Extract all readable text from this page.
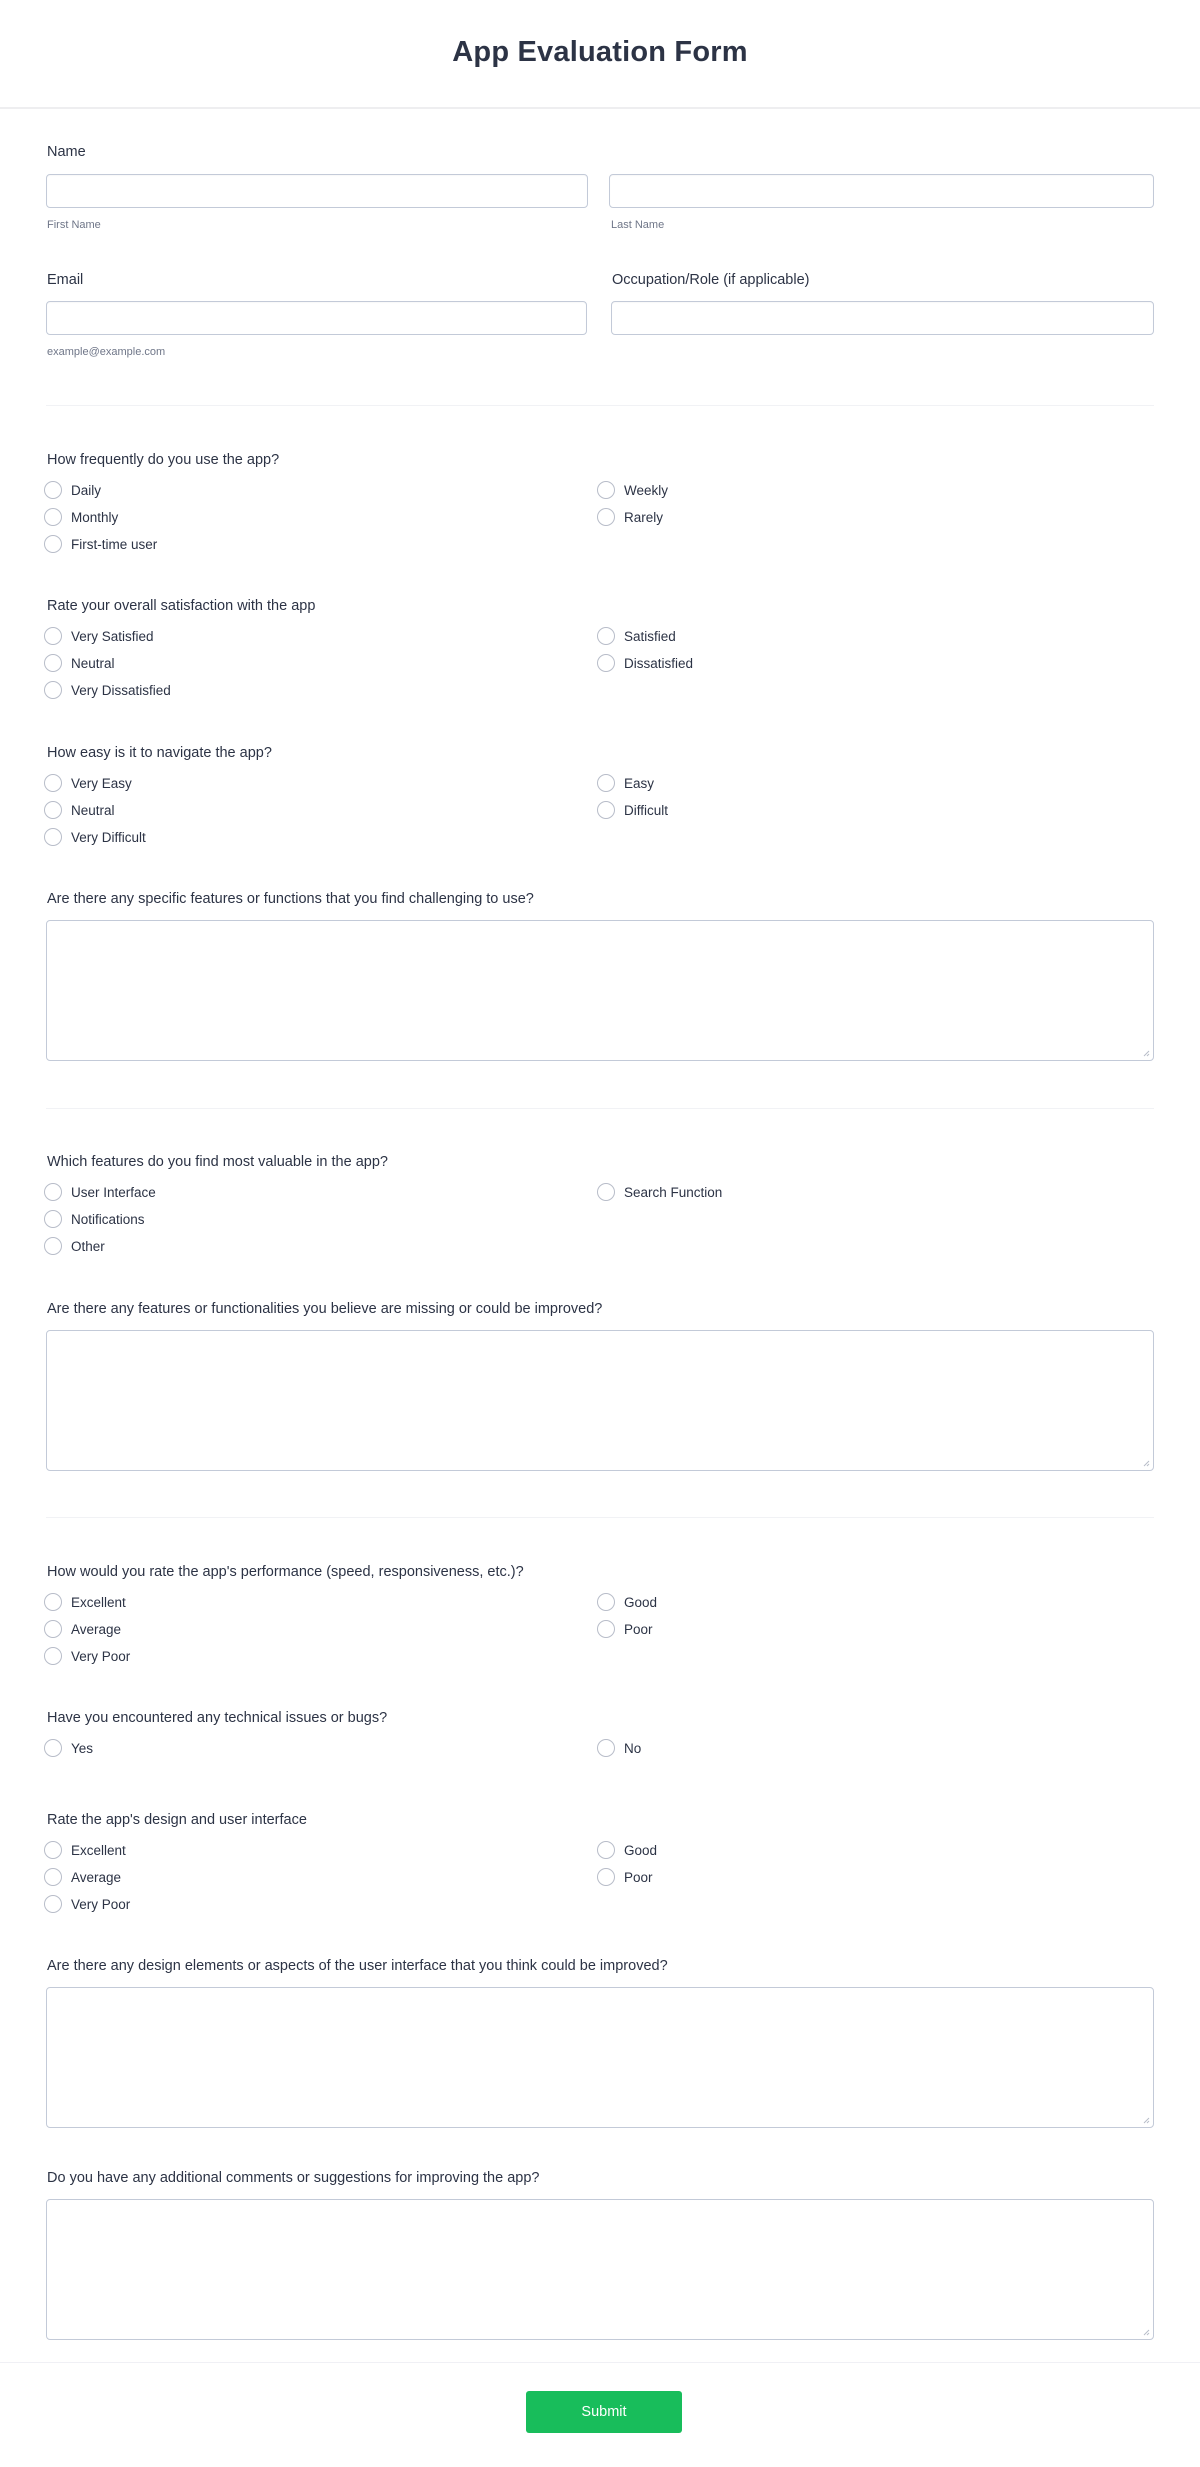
App Evaluation Form
Name
First Name	Last Name
Email
example@example.com
Occupation/Role (if applicable)
How frequently do you use the app?
Daily	Weekly
Monthly	Rarely
First-time user
Rate your overall satisfaction with the app
Very Satisfied	Satisfied
Neutral	Dissatisfied
Very Dissatisfied
How easy is it to navigate the app?
Very Easy	Easy
Neutral	Difficult
Very Difficult
Are there any specific features or functions that you find challenging to use?
Which features do you find most valuable in the app?
User Interface	Search Function
Notifications
Other
Are there any features or functionalities you believe are missing or could be improved?
How would you rate the app's performance (speed, responsiveness, etc.)?
Excellent	Good
Average	Poor
Very Poor
Have you encountered any technical issues or bugs?
Yes	No
Rate the app's design and user interface
Excellent	Good
Average	Poor
Very Poor
Are there any design elements or aspects of the user interface that you think could be improved?
Do you have any additional comments or suggestions for improving the app?
Submit
